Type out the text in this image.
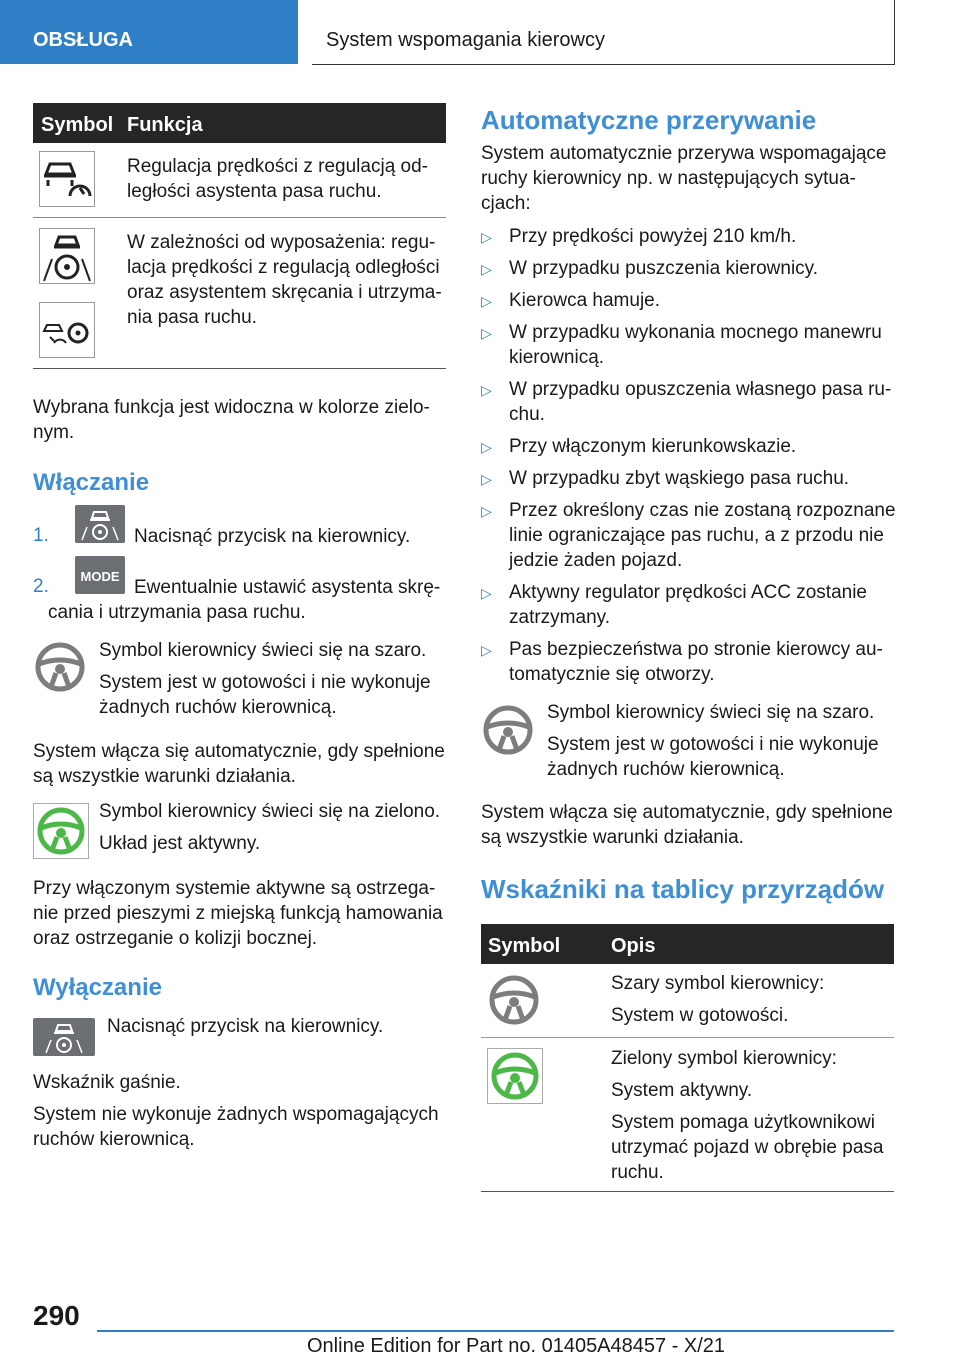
OBSŁUGA	System wspomagania kierowcy
Symbol Funkcja
Regulacja prędkości z regulacją od-
ległości asystenta pasa ruchu.
W zależności od wyposażenia: regu-
lacja prędkości z regulacją odległości
oraz asystentem skręcania i utrzyma-
nia pasa ruchu.
Wybrana funkcja jest widoczna w kolorze zielo-
nym.
Włączanie
1.	Nacisnąć przycisk na kierownicy.
2.	MODE
Ewentualnie ustawić asystenta skrę-
cania i utrzymania pasa ruchu.
Symbol kierownicy świeci się na szaro.
System jest w gotowości i nie wykonuje
żadnych ruchów kierownicą.
System włącza się automatycznie, gdy spełnione
są wszystkie warunki działania.
Symbol kierownicy świeci się na zielono.
Układ jest aktywny.
Przy włączonym systemie aktywne są ostrzega-
nie przed pieszymi z miejską funkcją hamowania
oraz ostrzeganie o kolizji bocznej.
Wyłączanie
Nacisnąć przycisk na kierownicy.
Wskaźnik gaśnie.
System nie wykonuje żadnych wspomagających
ruchów kierownicą.
Automatyczne przerywanie
System automatycznie przerywa wspomagające
ruchy kierownicy np. w następujących sytua-
cjach:
▷ Przy prędkości powyżej 210 km/h.
▷ W przypadku puszczenia kierownicy.
▷ Kierowca hamuje.
▷ W przypadku wykonania mocnego manewru
kierownicą.
▷ W przypadku opuszczenia własnego pasa ru-
chu.
▷ Przy włączonym kierunkowskazie.
▷ W przypadku zbyt wąskiego pasa ruchu.
▷ Przez określony czas nie zostaną rozpoznane
linie ograniczające pas ruchu, a z przodu nie
jedzie żaden pojazd.
▷ Aktywny regulator prędkości ACC zostanie
zatrzymany.
▷ Pas bezpieczeństwa po stronie kierowcy au-
tomatycznie się otworzy.
Symbol kierownicy świeci się na szaro.
System jest w gotowości i nie wykonuje
żadnych ruchów kierownicą.
System włącza się automatycznie, gdy spełnione
są wszystkie warunki działania.
Wskaźniki na tablicy przyrządów
Symbol	Opis
Szary symbol kierownicy:
System w gotowości.
Zielony symbol kierownicy:
System aktywny.
System pomaga użytkownikowi
utrzymać pojazd w obrębie pasa
ruchu.
290
Online Edition for Part no. 01405A48457 - X/21
